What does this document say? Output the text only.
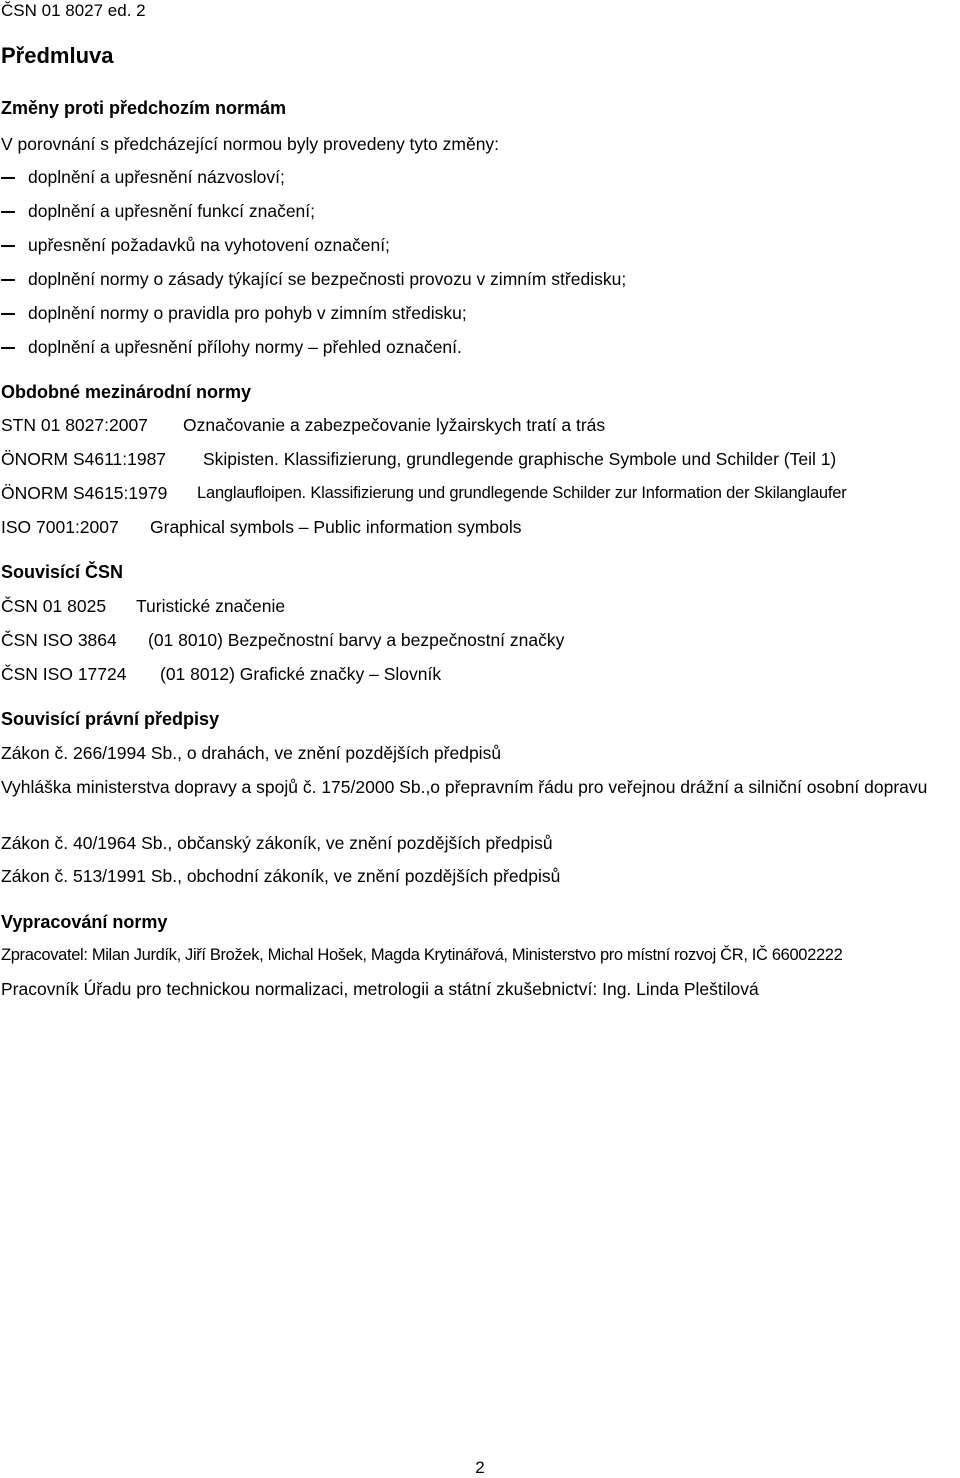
ČSN 01 8027 ed. 2
Předmluva
Změny proti předchozím normám
V porovnání s předcházející normou byly provedeny tyto změny:
doplnění a upřesnění názvosloví;
doplnění a upřesnění funkcí značení;
upřesnění požadavků na vyhotovení označení;
doplnění normy o zásady týkající se bezpečnosti provozu v zimním středisku;
doplnění normy o pravidla pro pohyb v zimním středisku;
doplnění a upřesnění přílohy normy – přehled označení.
Obdobné mezinárodní normy
STN 01 8027:2007 Označovanie a zabezpečovanie lyžairskych tratí a trás
ÖNORM S4611:1987 Skipisten. Klassifizierung, grundlegende graphische Symbole und Schilder (Teil 1)
ÖNORM S4615:1979 Langlaufloipen. Klassifizierung und grundlegende Schilder zur Information der Skilanglaufer
ISO 7001:2007 Graphical symbols – Public information symbols
Souvisící ČSN
ČSN 01 8025 Turistické značenie
ČSN ISO 3864 (01 8010) Bezpečnostní barvy a bezpečnostní značky
ČSN ISO 17724 (01 8012) Grafické značky – Slovník
Souvisící právní předpisy
Zákon č. 266/1994 Sb., o drahách, ve znění pozdějších předpisů
Vyhláška ministerstva dopravy a spojů č. 175/2000 Sb.,o přepravním řádu pro veřejnou drážní a silniční osobní dopravu
Zákon č. 40/1964 Sb., občanský zákoník, ve znění pozdějších předpisů
Zákon č. 513/1991 Sb., obchodní zákoník, ve znění pozdějších předpisů
Vypracování normy
Zpracovatel: Milan Jurdík, Jiří Brožek, Michal Hošek, Magda Krytinářová, Ministerstvo pro místní rozvoj ČR, IČ 66002222
Pracovník Úřadu pro technickou normalizaci, metrologii a státní zkušebnictví: Ing. Linda Pleštilová
2
